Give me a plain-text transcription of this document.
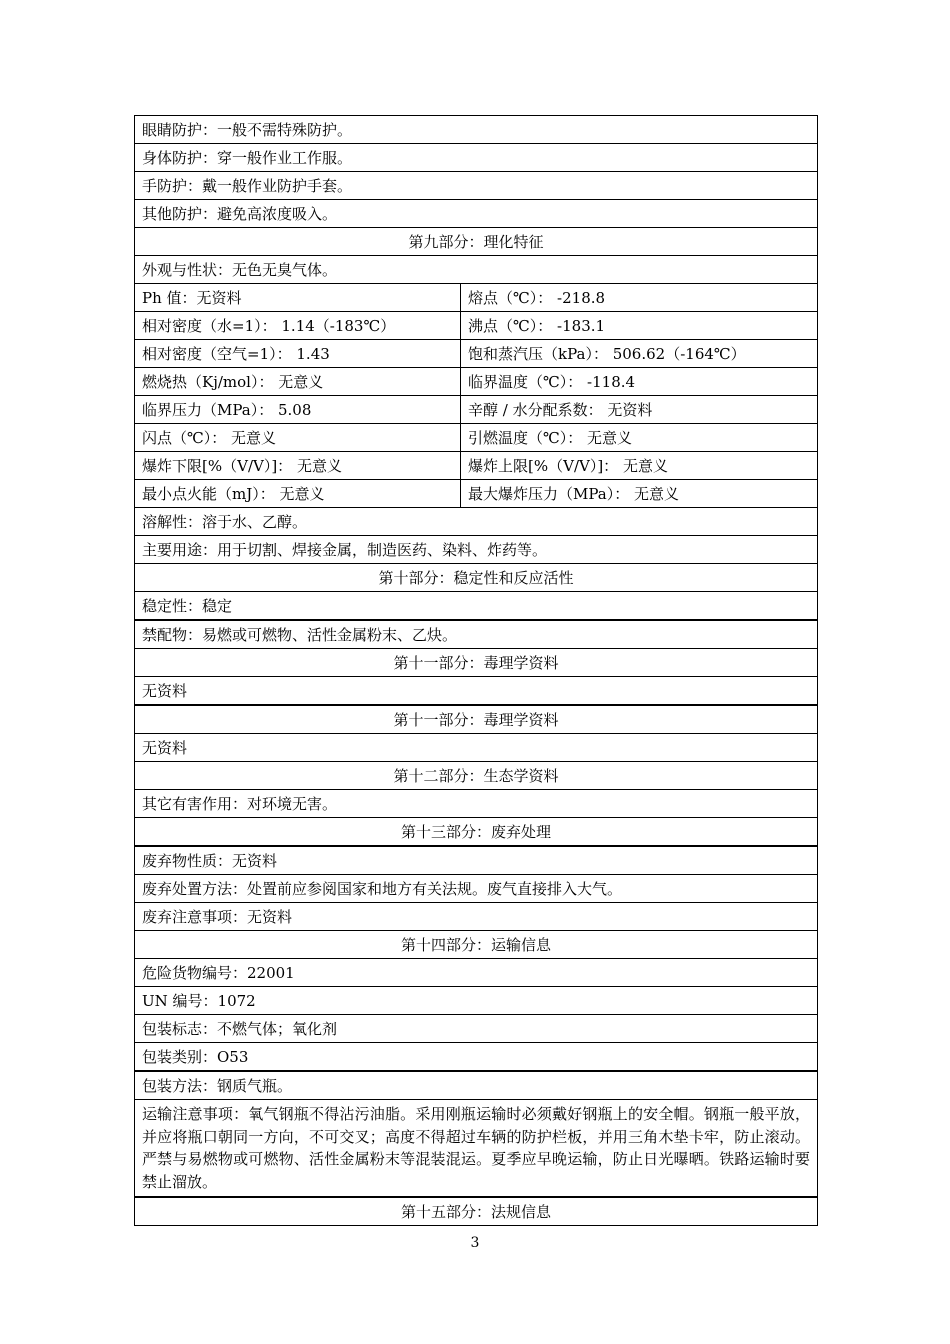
眼睛防护：一般不需特殊防护。	
身体防护：穿一般作业工作服。	
手防护：戴一般作业防护手套。	
其他防护：避免高浓度吸入。	
第九部分：理化特征	
外观与性状：无色无臭气体。	
Ph 值：无资料	熔点（℃）： -218.8
相对密度（水=1）： 1.14（-183℃）	沸点（℃）： -183.1
相对密度（空气=1）： 1.43	饱和蒸汽压（kPa）： 506.62（-164℃）
燃烧热（Kj/mol）： 无意义	临界温度（℃）： -118.4
临界压力（MPa）： 5.08	辛醇 / 水分配系数： 无资料
闪点（℃）： 无意义	引燃温度（℃）： 无意义
爆炸下限[%（V/V）]： 无意义	爆炸上限[%（V/V）]： 无意义
最小点火能（mJ）： 无意义	最大爆炸压力（MPa）： 无意义
溶解性：溶于水、乙醇。	
主要用途：用于切割、焊接金属，制造医药、染料、炸药等。	
第十部分：稳定性和反应活性	
稳定性：稳定	
禁配物：易燃或可燃物、活性金属粉末、乙炔。	
第十一部分：毒理学资料	
无资料	
第十一部分：毒理学资料	
无资料	
第十二部分：生态学资料	
其它有害作用：对环境无害。	
第十三部分：废弃处理	
废弃物性质：无资料	
废弃处置方法：处置前应参阅国家和地方有关法规。废气直接排入大气。	
废弃注意事项：无资料	
第十四部分：运输信息	
危险货物编号：22001	
UN 编号：1072	
包装标志：不燃气体；氧化剂	
包装类别：O53	
包装方法：钢质气瓶。	
运输注意事项：氧气钢瓶不得沾污油脂。采用刚瓶运输时必须戴好钢瓶上的安全帽。钢瓶一般平放，并应将瓶口朝同一方向，不可交叉；高度不得超过车辆的防护栏板，并用三角木垫卡牢，防止滚动。严禁与易燃物或可燃物、活性金属粉末等混装混运。夏季应早晚运输，防止日光曝晒。铁路运输时要禁止溜放。	
第十五部分：法规信息	
3
